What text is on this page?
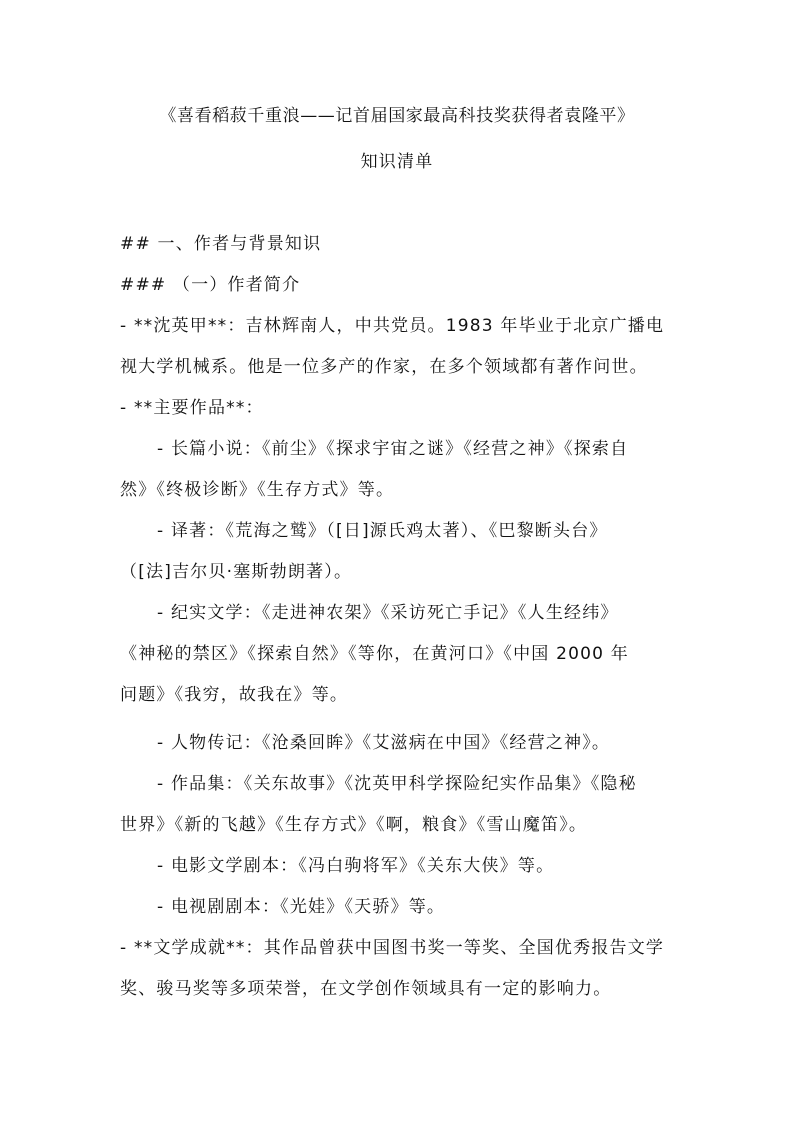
《喜看稻菽千重浪——记首届国家最高科技奖获得者袁隆平》
知识清单
## 一、作者与背景知识
### （一）作者简介
- **沈英甲**：吉林辉南人，中共党员。1983 年毕业于北京广播电
视大学机械系。他是一位多产的作家，在多个领域都有著作问世。
- **主要作品**：
- 长篇小说：《前尘》《探求宇宙之谜》《经营之神》《探索自
然》《终极诊断》《生存方式》等。
- 译著：《荒海之鹫》（[日]源氏鸡太著）、《巴黎断头台》
（[法]吉尔贝·塞斯勃朗著）。
- 纪实文学：《走进神农架》《采访死亡手记》《人生经纬》
《神秘的禁区》《探索自然》《等你，在黄河口》《中国 2000 年
问题》《我穷，故我在》等。
- 人物传记：《沧桑回眸》《艾滋病在中国》《经营之神》。
- 作品集：《关东故事》《沈英甲科学探险纪实作品集》《隐秘
世界》《新的飞越》《生存方式》《啊，粮食》《雪山魔笛》。
- 电影文学剧本：《冯白驹将军》《关东大侠》等。
- 电视剧剧本：《光娃》《天骄》等。
- **文学成就**：其作品曾获中国图书奖一等奖、全国优秀报告文学
奖、骏马奖等多项荣誉，在文学创作领域具有一定的影响力。
